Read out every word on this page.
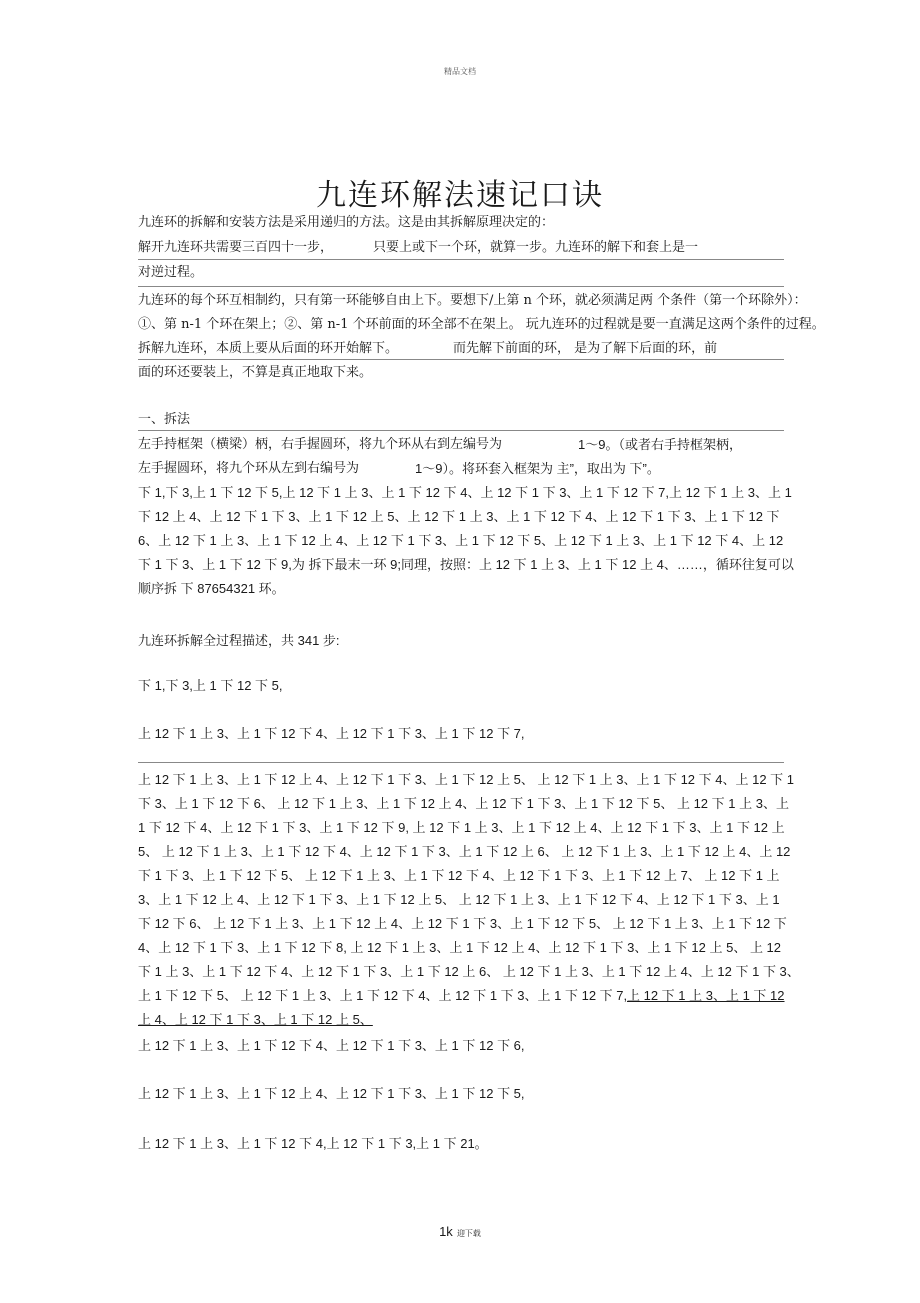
精品文档
九连环解法速记口诀
九连环的拆解和安装方法是采用递归的方法。这是由其拆解原理决定的：
解开九连环共需要三百四十一步，	只要上或下一个环，就算一步。九连环的解下和套上是一
对逆过程。
九连环的每个环互相制约，只有第一环能够自由上下。要想下/上第 n 个环，就必须满足两 个条件（第一个环除外）：
①、第 n-1 个环在架上；②、第 n-1 个环前面的环全部不在架上。 玩九连环的过程就是要一直满足这两个条件的过程。
拆解九连环，本质上要从后面的环开始解下。	而先解下前面的环， 是为了解下后面的环，前
面的环还要装上，不算是真正地取下来。
一、拆法
左手持框架（横梁）柄，右手握圆环，将九个环从右到左编号为	1～9。（或者右手持框架柄，
左手握圆环，将九个环从左到右编号为	1～9）。将环套入框架为 主”，取出为 下”。
下 1,下 3,上 1 下 12 下 5,上 12 下 1 上 3、上 1 下 12 下 4、上 12 下 1 下 3、上 1 下 12 下 7,上 12 下 1 上 3、上 1
下 12 上 4、上 12 下 1 下 3、上 1 下 12 上 5、上 12 下 1 上 3、上 1 下 12 下 4、上 12 下 1 下 3、上 1 下 12 下
6、上 12 下 1 上 3、上 1 下 12 上 4、上 12 下 1 下 3、上 1 下 12 下 5、上 12 下 1 上 3、上 1 下 12 下 4、上 12
下 1 下 3、上 1 下 12 下 9,为 拆下最末一环 9;同理，按照：上 12 下 1 上 3、上 1 下 12 上 4、……，循环往复可以
顺序拆 下 87654321 环。
九连环拆解全过程描述，共 341 步:
下 1,下 3,上 1 下 12 下 5,
上 12 下 1 上 3、上 1 下 12 下 4、上 12 下 1 下 3、上 1 下 12 下 7,
上 12 下 1 上 3、上 1 下 12 上 4、上 12 下 1 下 3、上 1 下 12 上 5、 上 12 下 1 上 3、上 1 下 12 下 4、上 12 下 1
下 3、上 1 下 12 下 6、 上 12 下 1 上 3、上 1 下 12 上 4、上 12 下 1 下 3、上 1 下 12 下 5、 上 12 下 1 上 3、上
1 下 12 下 4、上 12 下 1 下 3、上 1 下 12 下 9, 上 12 下 1 上 3、上 1 下 12 上 4、上 12 下 1 下 3、上 1 下 12 上
5、 上 12 下 1 上 3、上 1 下 12 下 4、上 12 下 1 下 3、上 1 下 12 上 6、 上 12 下 1 上 3、上 1 下 12 上 4、上 12
下 1 下 3、上 1 下 12 下 5、 上 12 下 1 上 3、上 1 下 12 下 4、上 12 下 1 下 3、上 1 下 12 上 7、 上 12 下 1 上
3、上 1 下 12 上 4、上 12 下 1 下 3、上 1 下 12 上 5、 上 12 下 1 上 3、上 1 下 12 下 4、上 12 下 1 下 3、上 1
下 12 下 6、 上 12 下 1 上 3、上 1 下 12 上 4、上 12 下 1 下 3、上 1 下 12 下 5、 上 12 下 1 上 3、上 1 下 12 下
4、上 12 下 1 下 3、上 1 下 12 下 8, 上 12 下 1 上 3、上 1 下 12 上 4、上 12 下 1 下 3、上 1 下 12 上 5、 上 12
下 1 上 3、上 1 下 12 下 4、上 12 下 1 下 3、上 1 下 12 上 6、 上 12 下 1 上 3、上 1 下 12 上 4、上 12 下 1 下 3、
上 1 下 12 下 5、 上 12 下 1 上 3、上 1 下 12 下 4、上 12 下 1 下 3、上 1 下 12 下 7, 上 12 下 1 上 3、上 1 下 12
上 4、上 12 下 1 下 3、上 1 下 12 上 5、
上 12 下 1 上 3、上 1 下 12 下 4、上 12 下 1 下 3、上 1 下 12 下 6,
上 12 下 1 上 3、上 1 下 12 上 4、上 12 下 1 下 3、上 1 下 12 下 5,
上 12 下 1 上 3、上 1 下 12 下 4,上 12 下 1 下 3,上 1 下 21。
1k 迎下载
